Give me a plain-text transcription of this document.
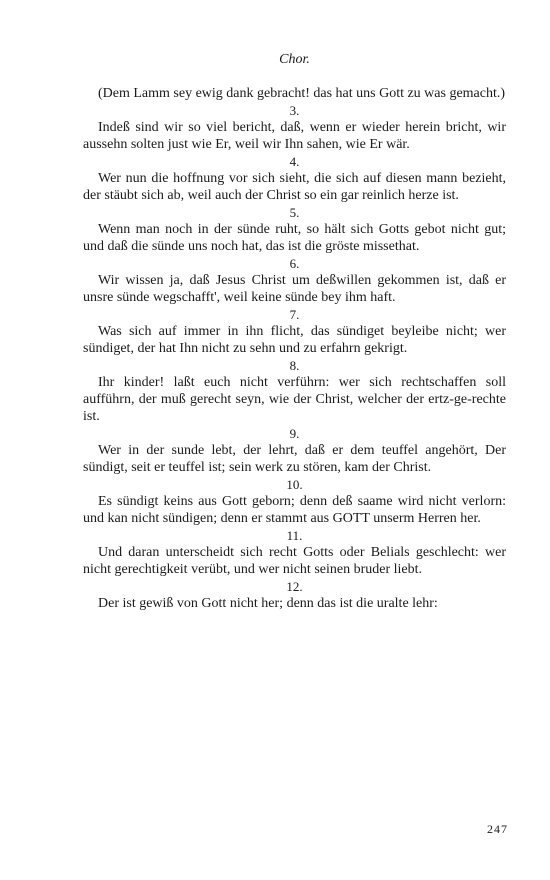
Chor.

(Dem Lamm sey ewig dank gebracht! das hat uns Gott zu was gemacht.)

3.

Indeß sind wir so viel bericht, daß, wenn er wieder herein bricht, wir aussehn solten just wie Er, weil wir Ihn sahen, wie Er wär.

4.

Wer nun die hoffnung vor sich sieht, die sich auf diesen mann bezieht, der stäubt sich ab, weil auch der Christ so ein gar reinlich herze ist.

5.

Wenn man noch in der sünde ruht, so hält sich Gotts gebot nicht gut; und daß die sünde uns noch hat, das ist die gröste missethat.

6.

Wir wissen ja, daß Jesus Christ um deßwillen gekommen ist, daß er unsre sünde wegschafft', weil keine sünde bey ihm haft.

7.

Was sich auf immer in ihn flicht, das sündiget beyleibe nicht; wer sündiget, der hat Ihn nicht zu sehn und zu erfahrn gekrigt.

8.

Ihr kinder! laßt euch nicht verführn: wer sich rechtschaffen soll aufführn, der muß gerecht seyn, wie der Christ, welcher der ertz-ge-rechte ist.

9.

Wer in der sunde lebt, der lehrt, daß er dem teuffel angehört, Der sündigt, seit er teuffel ist; sein werk zu stören, kam der Christ.

10.

Es sündigt keins aus Gott geborn; denn deß saame wird nicht verlorn: und kan nicht sündigen; denn er stammt aus GOTT unserm Herren her.

11.

Und daran unterscheidt sich recht Gotts oder Belials geschlecht: wer nicht gerechtigkeit verübt, und wer nicht seinen bruder liebt.

12.

Der ist gewiß von Gott nicht her; denn das ist die uralte lehr:

247
